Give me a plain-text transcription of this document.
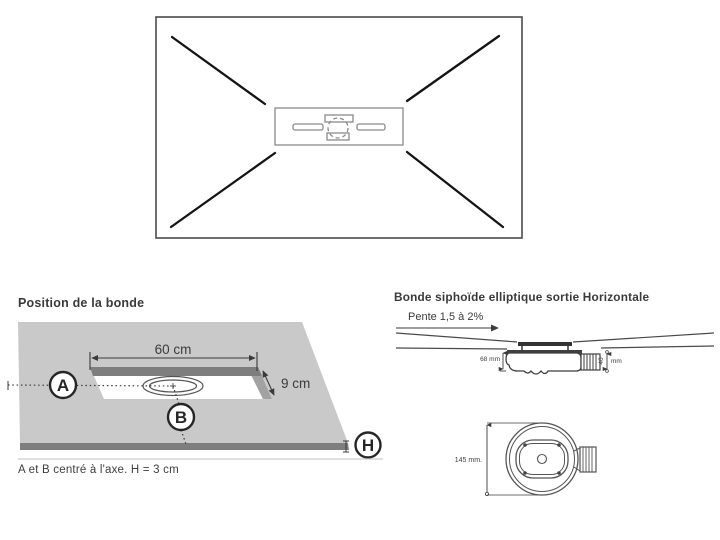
Position de la bonde
60 cm
9 cm
A
B
H
A et B centré à l'axe. H = 3 cm
Bonde siphoïde elliptique sortie Horizontale
Pente 1,5 à 2%
68 mm	40 mm
145 mm.
